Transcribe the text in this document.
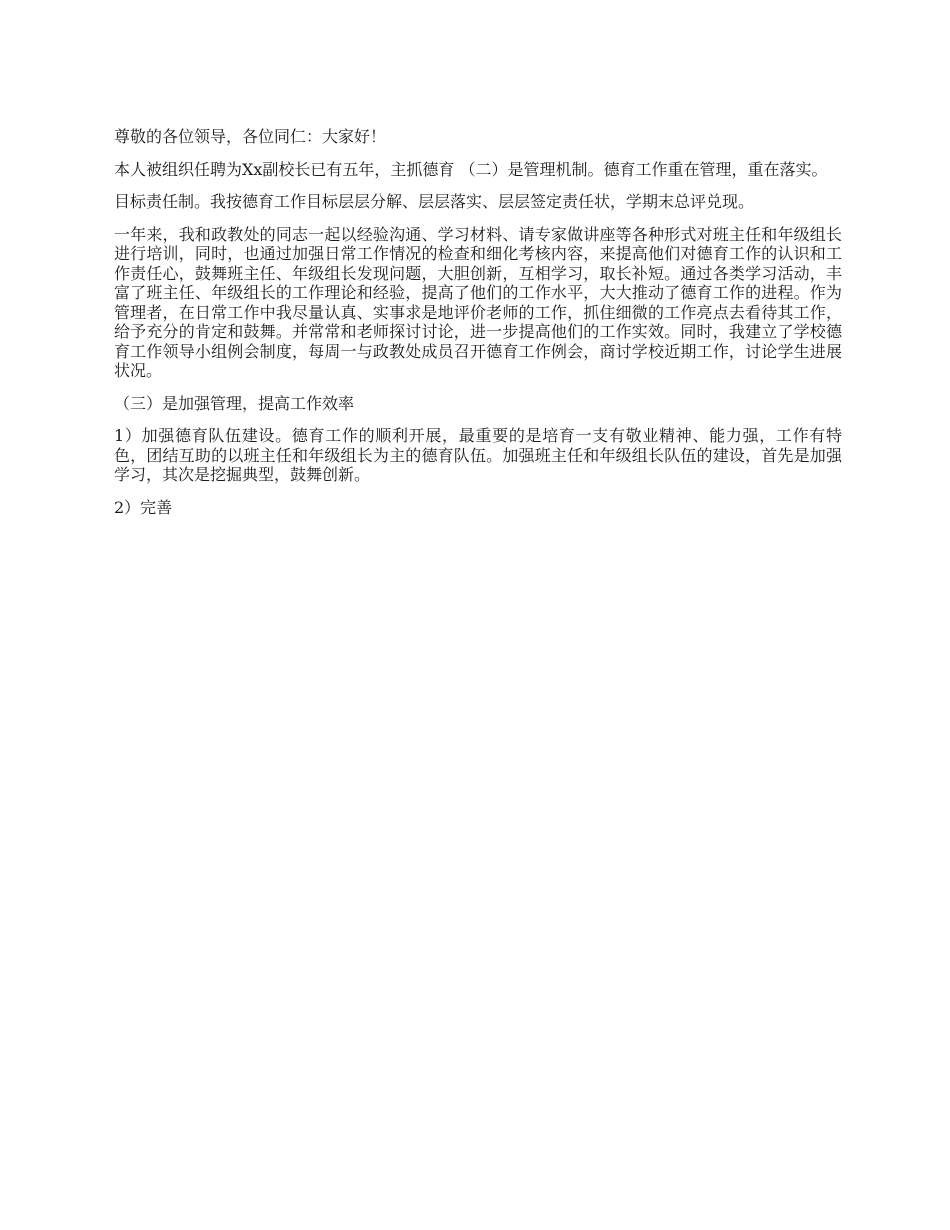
尊敬的各位领导，各位同仁：大家好！

本人被组织任聘为Xx副校长已有五年，主抓德育 （二）是管理机制。德育工作重在管理，重在落实。

目标责任制。我按德育工作目标层层分解、层层落实、层层签定责任状，学期末总评兑现。

一年来，我和政教处的同志一起以经验沟通、学习材料、请专家做讲座等各种形式对班主任和年级组长进行培训，同时，也通过加强日常工作情况的检查和细化考核内容，来提高他们对德育工作的认识和工作责任心，鼓舞班主任、年级组长发现问题，大胆创新，互相学习，取长补短。通过各类学习活动，丰富了班主任、年级组长的工作理论和经验，提高了他们的工作水平，大大推动了德育工作的进程。作为管理者，在日常工作中我尽量认真、实事求是地评价老师的工作，抓住细微的工作亮点去看待其工作，给予充分的肯定和鼓舞。并常常和老师探讨讨论，进一步提高他们的工作实效。同时，我建立了学校德育工作领导小组例会制度，每周一与政教处成员召开德育工作例会，商讨学校近期工作，讨论学生进展状况。

（三）是加强管理，提高工作效率

1）加强德育队伍建设。德育工作的顺利开展，最重要的是培育一支有敬业精神、能力强，工作有特色，团结互助的以班主任和年级组长为主的德育队伍。加强班主任和年级组长队伍的建设，首先是加强学习，其次是挖掘典型，鼓舞创新。

2）完善
